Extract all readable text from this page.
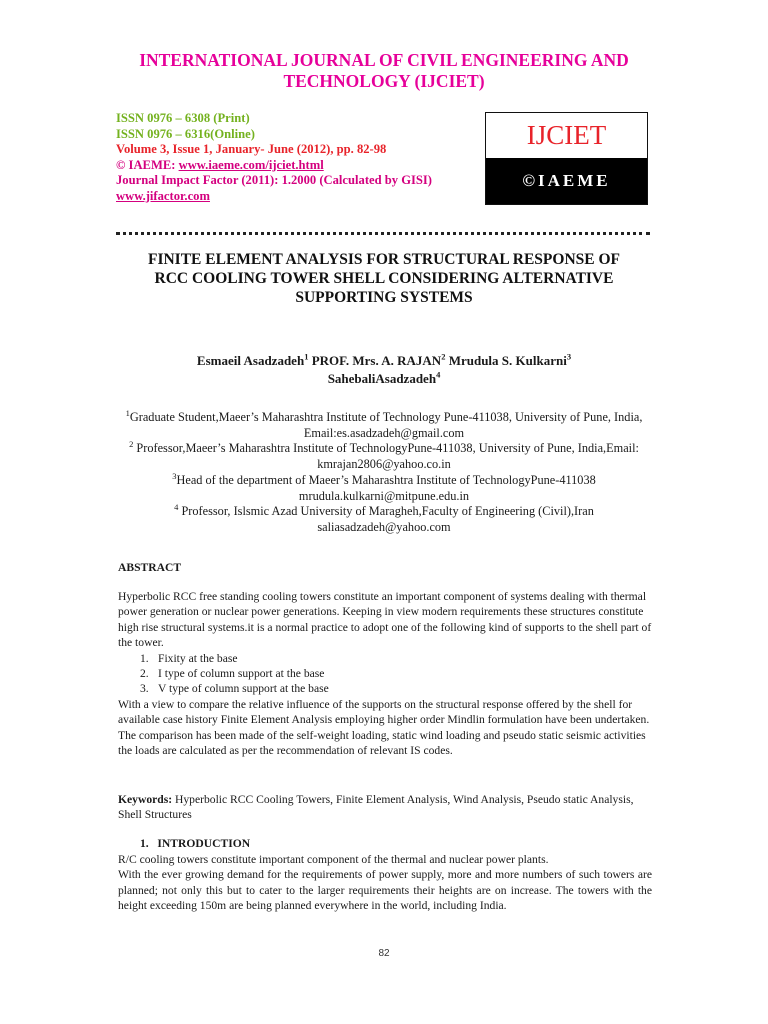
INTERNATIONAL JOURNAL OF CIVIL ENGINEERING AND
TECHNOLOGY (IJCIET)
ISSN 0976 – 6308 (Print)
ISSN 0976 – 6316(Online)
Volume 3, Issue 1, January- June (2012), pp. 82-98
© IAEME: www.iaeme.com/ijciet.html
Journal Impact Factor (2011): 1.2000 (Calculated by GISI)
www.jifactor.com
IJCIET
©IAEME
FINITE ELEMENT ANALYSIS FOR STRUCTURAL RESPONSE OF
RCC COOLING TOWER SHELL CONSIDERING ALTERNATIVE
SUPPORTING SYSTEMS
Esmaeil Asadzadeh$^1$ PROF. Mrs. A. RAJAN$^2$ Mrudula S. Kulkarni$^3$
SahebaliAsadzadeh$^4$
$^1$Graduate Student,Maeer’s Maharashtra Institute of Technology Pune-411038, University of Pune, India, Email:es.asadzadeh@gmail.com
$^2$ Professor,Maeer’s Maharashtra Institute of TechnologyPune-411038, University of Pune, India,Email: kmrajan2806@yahoo.co.in
$^3$Head of the department of Maeer’s Maharashtra Institute of TechnologyPune-411038 mrudula.kulkarni@mitpune.edu.in
$^4$ Professor, Islsmic Azad University of Maragheh,Faculty of Engineering (Civil),Iran saliasadzadeh@yahoo.com
ABSTRACT
Hyperbolic RCC free standing cooling towers constitute an important component of systems dealing with thermal power generation or nuclear power generations. Keeping in view modern requirements these structures constitute high rise structural systems.it is a normal practice to adopt one of the following kind of supports to the shell part of the tower.
1. Fixity at the base
2. I type of column support at the base
3. V type of column support at the base
With a view to compare the relative influence of the supports on the structural response offered by the shell for available case history Finite Element Analysis employing higher order Mindlin formulation have been undertaken. The comparison has been made of the self-weight loading, static wind loading and pseudo static seismic activities the loads are calculated as per the recommendation of relevant IS codes.
Keywords: Hyperbolic RCC Cooling Towers, Finite Element Analysis, Wind Analysis, Pseudo static Analysis, Shell Structures
1. INTRODUCTION
R/C cooling towers constitute important component of the thermal and nuclear power plants.
With the ever growing demand for the requirements of power supply, more and more numbers of such towers are planned; not only this but to cater to the larger requirements their heights are on increase. The towers with the height exceeding 150m are being planned everywhere in the world, including India.
82
